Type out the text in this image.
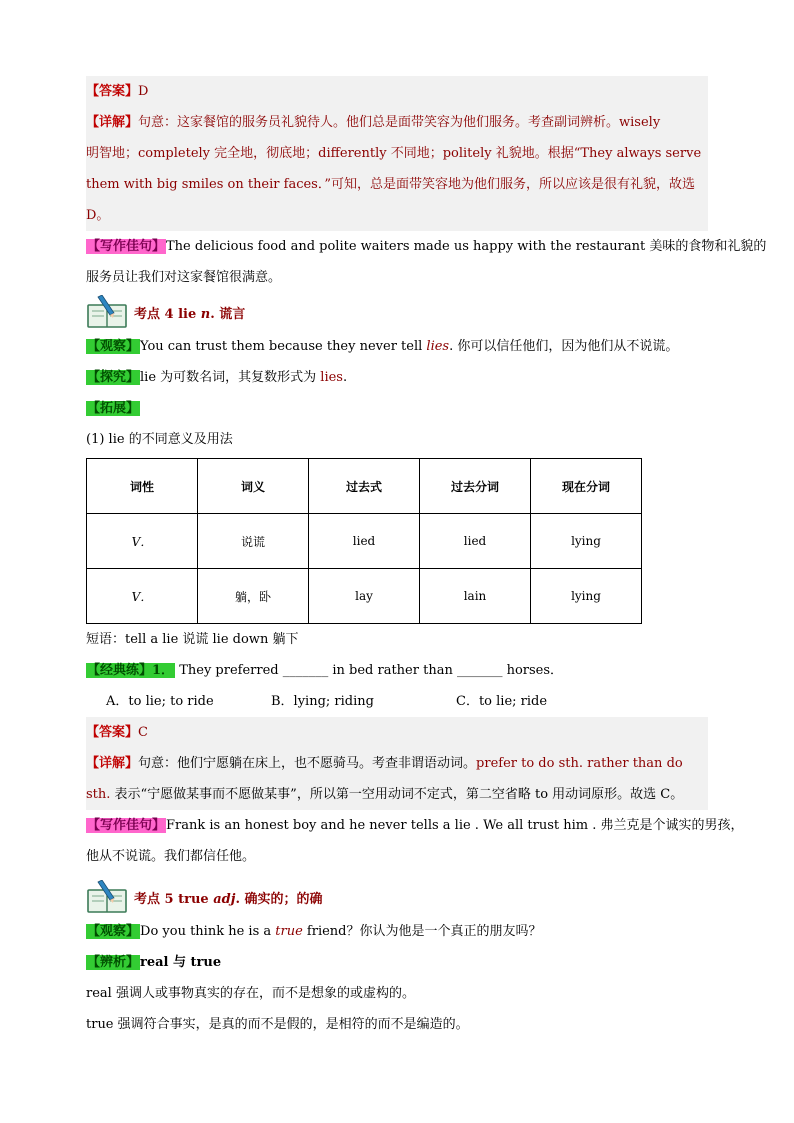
【答案】D
【详解】句意：这家餐馆的服务员礼貌待人。他们总是面带笑容为他们服务。考查副词辨析。wisely
明智地；completely 完全地，彻底地；differently 不同地；politely 礼貌地。根据“They always serve
them with big smiles on their faces．”可知，总是面带笑容地为他们服务，所以应该是很有礼貌，故选
D。
【写作佳句】The delicious food and polite waiters made us happy with the restaurant 美味的食物和礼貌的
服务员让我们对这家餐馆很满意。
考点 4 lie n. 谎言
【观察】You can trust them because they never tell lies. 你可以信任他们，因为他们从不说谎。
【探究】lie 为可数名词，其复数形式为 lies.
【拓展】
(1) lie 的不同意义及用法
词性	词义	过去式	过去分词	现在分词
V．	说谎	lied	lied	lying
V．	躺，卧	lay	lain	lying
短语：tell a lie 说谎 lie down 躺下
【经典练】1． They preferred _______ in bed rather than _______ horses．
A．to lie; to ride	B．lying; riding	C．to lie; ride
【答案】C
【详解】句意：他们宁愿躺在床上，也不愿骑马。考查非谓语动词。prefer to do sth. rather than do
sth. 表示“宁愿做某事而不愿做某事”，所以第一空用动词不定式，第二空省略 to 用动词原形。故选 C。
【写作佳句】Frank is an honest boy and he never tells a lie . We all trust him . 弗兰克是个诚实的男孩，
他从不说谎。我们都信任他。
考点 5 true adj. 确实的；的确
【观察】Do you think he is a true friend？你认为他是一个真正的朋友吗？
【辨析】real 与 true
real 强调人或事物真实的存在，而不是想象的或虚构的。
true 强调符合事实，是真的而不是假的，是相符的而不是编造的。
